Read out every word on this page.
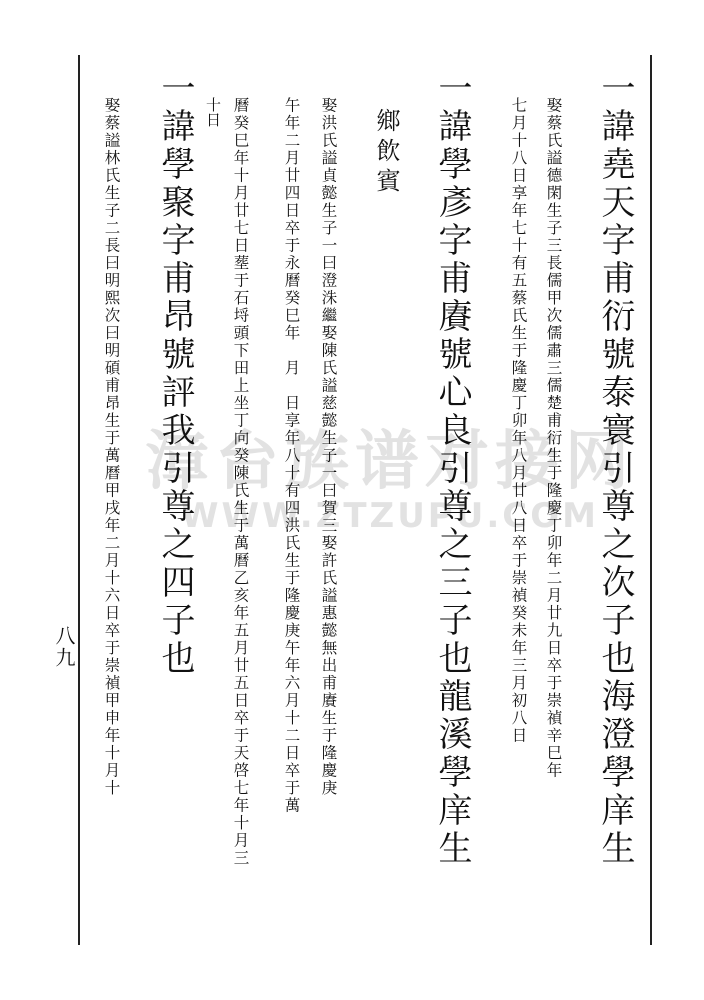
漳台族谱对接网
WWW.ZTZUPU.COM
一諱堯天字甫衍號泰寰引尊之次子也海澄學庠生
娶蔡氏謚德閑生子三長儒甲次儒肅三儒楚甫衍生于隆慶丁卯年二月廿九日卒于崇禎辛巳年
七月十八日享年七十有五蔡氏生于隆慶丁卯年八月廿八日卒于崇禎癸未年三月初八日
一諱學彥字甫賡號心良引尊之三子也龍溪學庠生
鄉飲賓
娶洪氏謚貞懿生子一曰澄洙繼娶陳氏謚慈懿生子一曰賀三娶許氏謚惠懿無出甫賡生于隆慶庚
午年二月廿四日卒于永曆癸巳年　月　日享年八十有四洪氏生于隆慶庚午年六月十二日卒于萬
曆癸巳年十月廿七日塟于石埒頭下田上坐丁向癸陳氏生于萬曆乙亥年五月廿五日卒于天啓七年十月三
十日
一諱學聚字甫昂號評我引尊之四子也
娶蔡謚林氏生子二長曰明熙次曰明碩甫昂生于萬曆甲戌年二月十六日卒于崇禎甲申年十月十
八九
